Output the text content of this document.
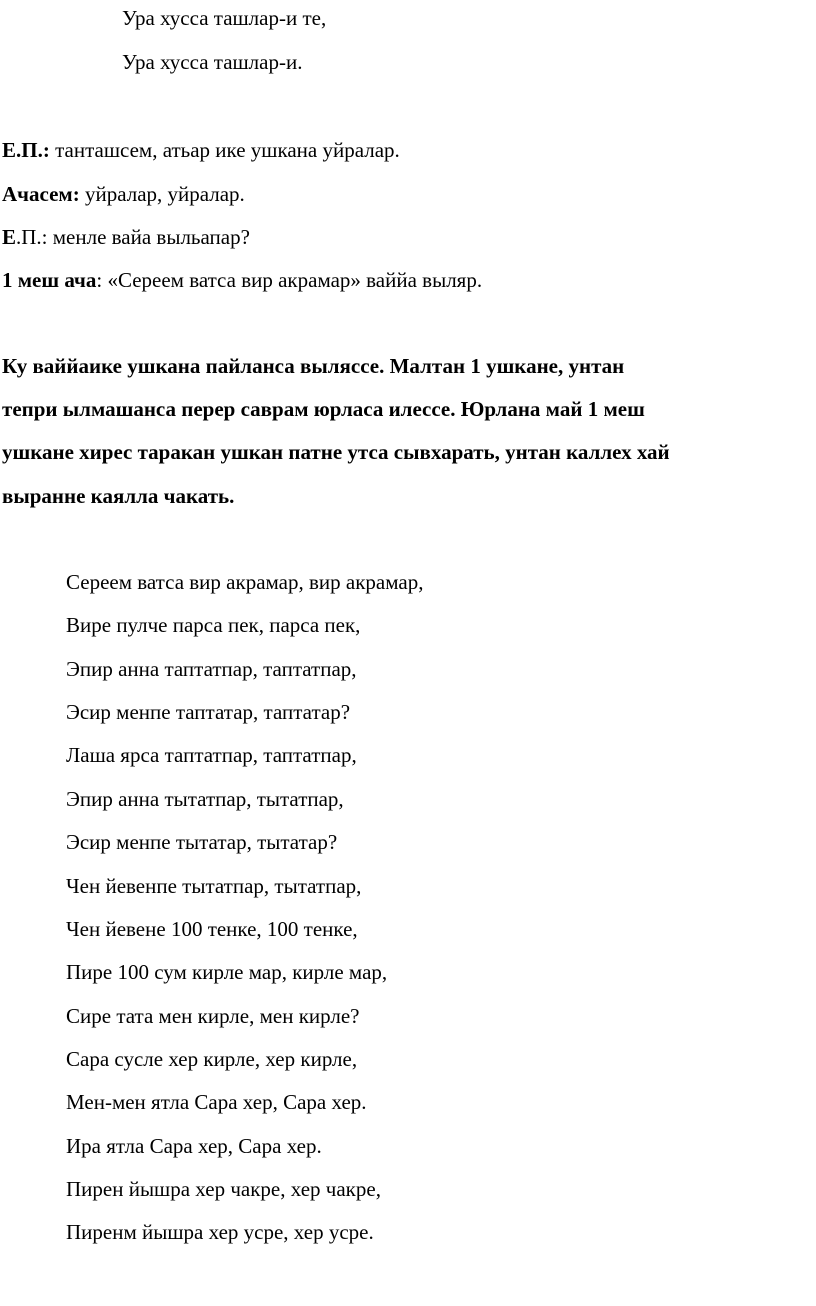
Ура хусса ташлар-и те,
Ура хусса ташлар-и.
Е.П.: танташсем, атьар ике ушкана уйралар.
Ачасем: уйралар, уйралар.
Е.П.: менле вайа выльапар?
1 меш ача: «Сереем ватса вир акрамар» ваййа выляр.
Ку ваййаике ушкана пайланса выляссе. Малтан 1 ушкане, унтан
тепри ылмашанса перер саврам юрласа илессе. Юрлана май 1 меш
ушкане хирес таракан ушкан патне утса сывхарать, унтан каллех хай
выранне каялла чакать.
Сереем ватса вир акрамар, вир акрамар,
Вире пулче парса пек, парса пек,
Эпир анна таптатпар, таптатпар,
Эсир менпе таптатар, таптатар?
Лаша ярса таптатпар, таптатпар,
Эпир анна тытатпар, тытатпар,
Эсир менпе тытатар, тытатар?
Чен йевенпе тытатпар, тытатпар,
Чен йевене 100 тенке, 100 тенке,
Пире 100 сум кирле мар, кирле мар,
Сире тата мен кирле, мен кирле?
Сара сусле хер кирле, хер кирле,
Мен-мен ятла Сара хер, Сара хер.
Ира ятла Сара хер, Сара хер.
Пирен йышра хер чакре, хер чакре,
Пиренм йышра хер усре, хер усре.
